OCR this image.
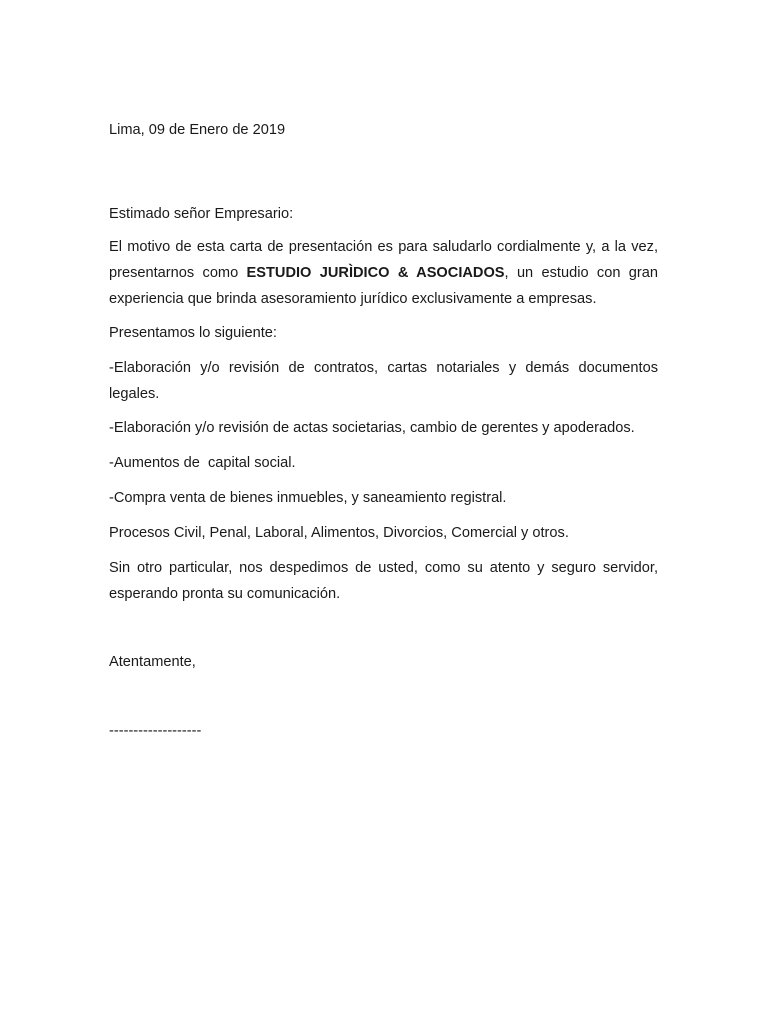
Lima, 09 de Enero de 2019

Estimado señor Empresario:

El motivo de esta carta de presentación es para saludarlo cordialmente y, a la vez, presentarnos como ESTUDIO JURÌDICO & ASOCIADOS, un estudio con gran experiencia que brinda asesoramiento jurídico exclusivamente a empresas.

Presentamos lo siguiente:

-Elaboración y/o revisión de contratos, cartas notariales y demás documentos legales.

-Elaboración y/o revisión de actas societarias, cambio de gerentes y apoderados.

-Aumentos de  capital social.

-Compra venta de bienes inmuebles, y saneamiento registral.

Procesos Civil, Penal, Laboral, Alimentos, Divorcios, Comercial y otros.

Sin otro particular, nos despedimos de usted, como su atento y seguro servidor, esperando pronta su comunicación.

Atentamente,

-------------------
